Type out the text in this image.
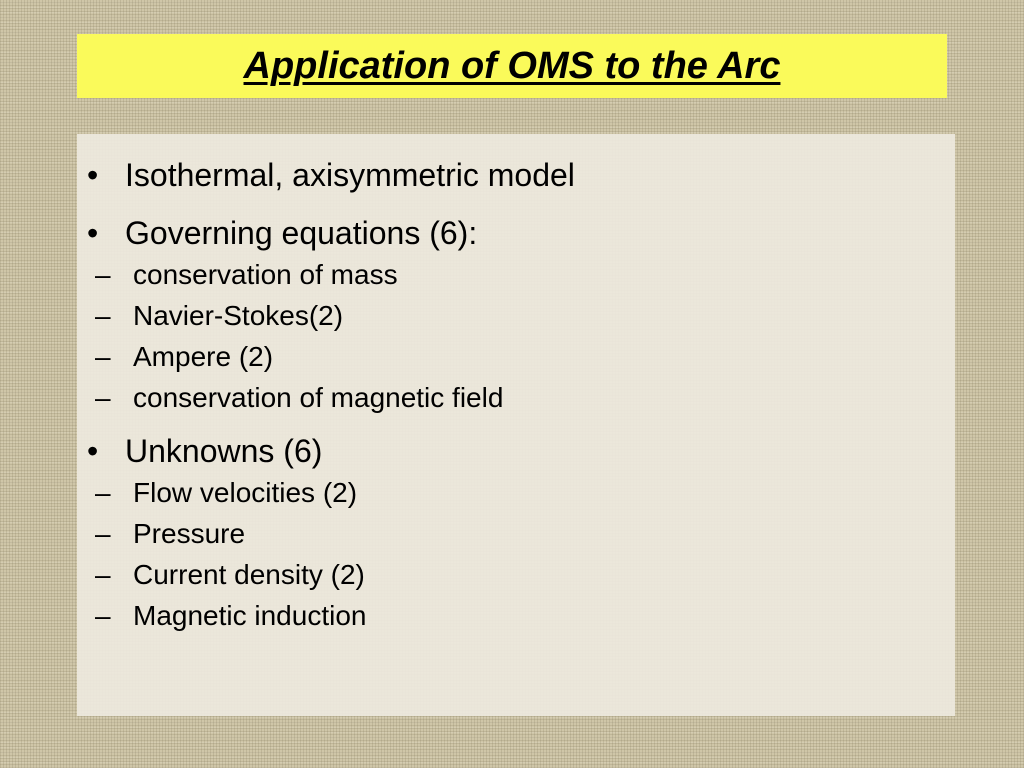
Application of OMS to the Arc
• Isothermal, axisymmetric model
• Governing equations (6):
– conservation of mass
– Navier-Stokes(2)
– Ampere (2)
– conservation of magnetic field
• Unknowns (6)
– Flow velocities (2)
– Pressure
– Current density (2)
– Magnetic induction
